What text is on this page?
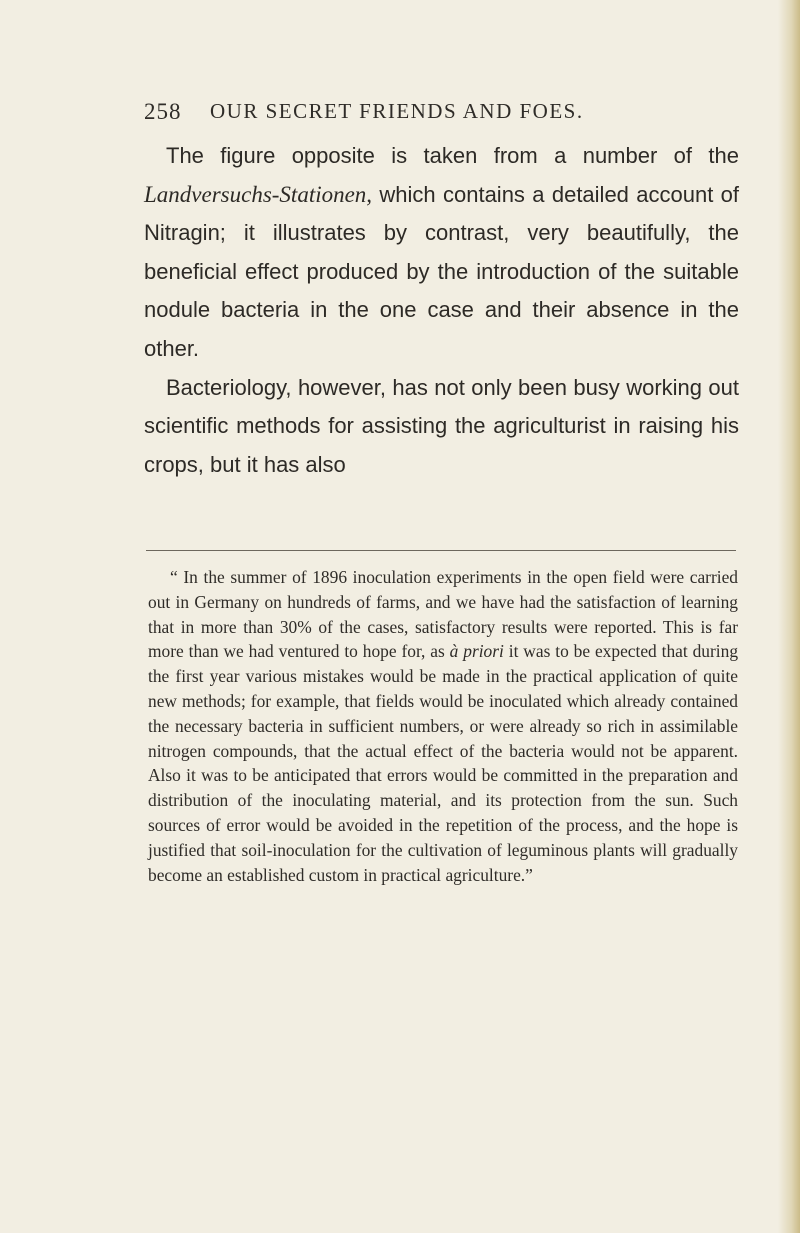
258 OUR SECRET FRIENDS AND FOES.

The figure opposite is taken from a number of the Landversuchs-Stationen, which contains a detailed account of Nitragin; it illustrates by contrast, very beautifully, the beneficial effect produced by the introduction of the suitable nodule bacteria in the one case and their absence in the other.

Bacteriology, however, has not only been busy working out scientific methods for assisting the agriculturist in raising his crops, but it has also

“ In the summer of 1896 inoculation experiments in the open field were carried out in Germany on hundreds of farms, and we have had the satisfaction of learning that in more than 30% of the cases, satisfactory results were reported. This is far more than we had ventured to hope for, as à priori it was to be expected that during the first year various mistakes would be made in the practical application of quite new methods; for example, that fields would be inoculated which already contained the necessary bacteria in sufficient numbers, or were already so rich in assimilable nitrogen compounds, that the actual effect of the bacteria would not be apparent. Also it was to be anticipated that errors would be committed in the preparation and distribution of the inoculating material, and its protection from the sun. Such sources of error would be avoided in the repetition of the process, and the hope is justified that soil-inoculation for the cultivation of leguminous plants will gradually become an established custom in practical agriculture.”
